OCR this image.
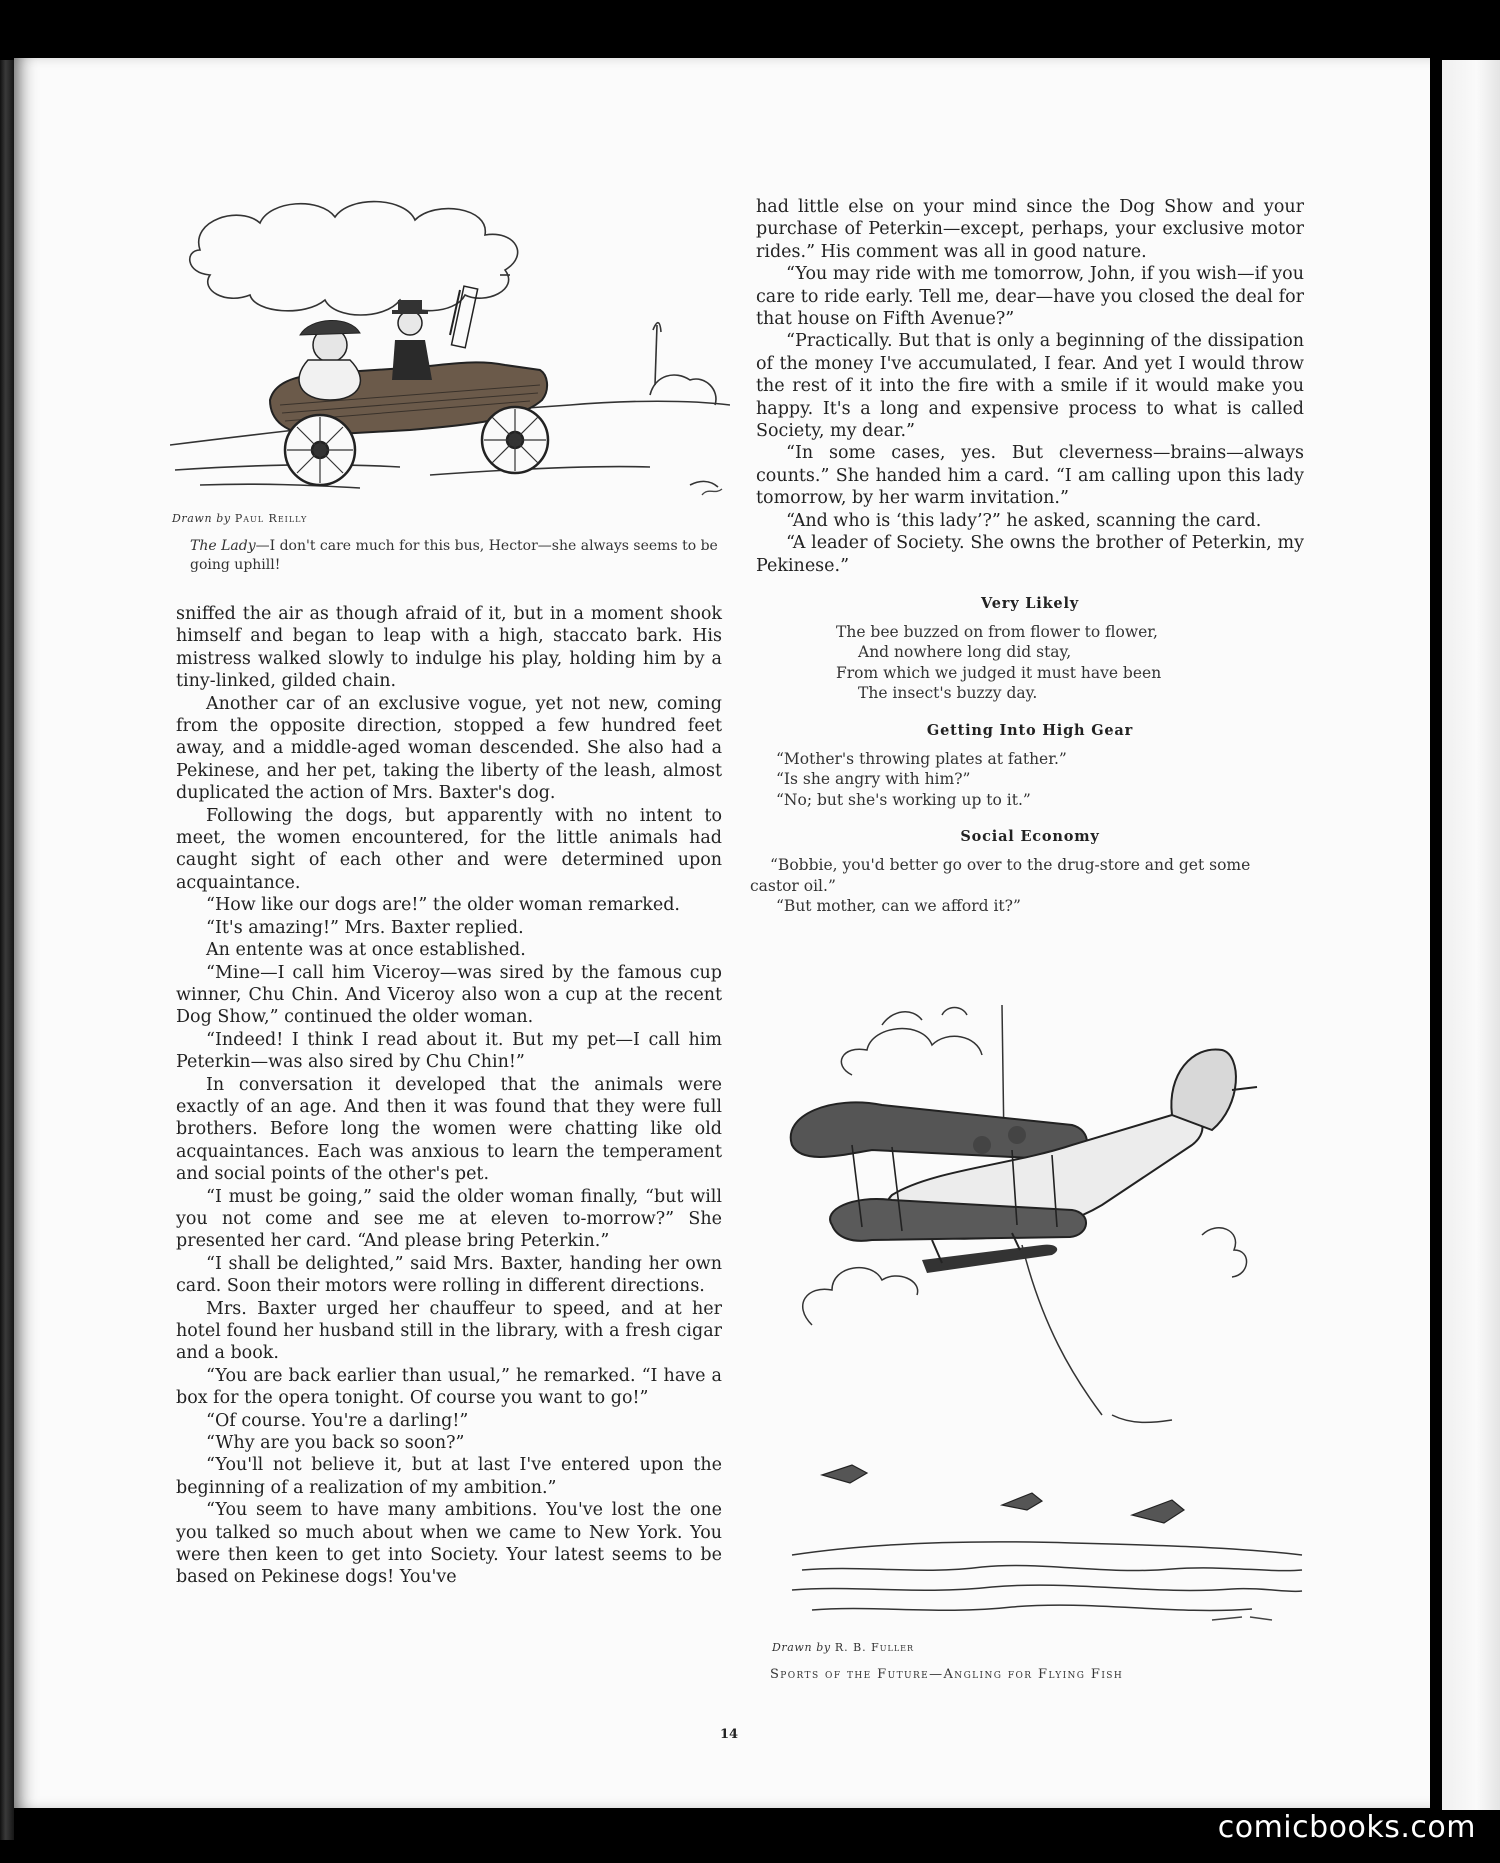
Drawn by Paul Reilly
The Lady—I don't care much for this bus, Hector—she always seems to be going uphill!

sniffed the air as though afraid of it, but in a moment shook himself and began to leap with a high, staccato bark. His mistress walked slowly to indulge his play, holding him by a tiny-linked, gilded chain.

Another car of an exclusive vogue, yet not new, coming from the opposite direction, stopped a few hundred feet away, and a middle-aged woman descended. She also had a Pekinese, and her pet, taking the liberty of the leash, almost duplicated the action of Mrs. Baxter's dog.

Following the dogs, but apparently with no intent to meet, the women encountered, for the little animals had caught sight of each other and were determined upon acquaintance.

“How like our dogs are!” the older woman remarked.

“It's amazing!” Mrs. Baxter replied.

An entente was at once established.

“Mine—I call him Viceroy—was sired by the famous cup winner, Chu Chin. And Viceroy also won a cup at the recent Dog Show,” continued the older woman.

“Indeed! I think I read about it. But my pet—I call him Peterkin—was also sired by Chu Chin!”

In conversation it developed that the animals were exactly of an age. And then it was found that they were full brothers. Before long the women were chatting like old acquaintances. Each was anxious to learn the temperament and social points of the other's pet.

“I must be going,” said the older woman finally, “but will you not come and see me at eleven to-morrow?” She presented her card. “And please bring Peterkin.”

“I shall be delighted,” said Mrs. Baxter, handing her own card. Soon their motors were rolling in different directions.

Mrs. Baxter urged her chauffeur to speed, and at her hotel found her husband still in the library, with a fresh cigar and a book.

“You are back earlier than usual,” he remarked. “I have a box for the opera tonight. Of course you want to go!”

“Of course. You're a darling!”

“Why are you back so soon?”

“You'll not believe it, but at last I've entered upon the beginning of a realization of my ambition.”

“You seem to have many ambitions. You've lost the one you talked so much about when we came to New York. You were then keen to get into Society. Your latest seems to be based on Pekinese dogs! You've

had little else on your mind since the Dog Show and your purchase of Peterkin—except, perhaps, your exclusive motor rides.” His comment was all in good nature.

“You may ride with me tomorrow, John, if you wish—if you care to ride early. Tell me, dear—have you closed the deal for that house on Fifth Avenue?”

“Practically. But that is only a beginning of the dissipation of the money I've accumulated, I fear. And yet I would throw the rest of it into the fire with a smile if it would make you happy. It's a long and expensive process to what is called Society, my dear.”

“In some cases, yes. But cleverness—brains—always counts.” She handed him a card. “I am calling upon this lady tomorrow, by her warm invitation.”

“And who is ‘this lady’?” he asked, scanning the card.

“A leader of Society. She owns the brother of Peterkin, my Pekinese.”

Very Likely
The bee buzzed on from flower to flower,
And nowhere long did stay,
From which we judged it must have been
The insect's buzzy day.
Getting Into High Gear
“Mother's throwing plates at father.”
“Is she angry with him?”
“No; but she's working up to it.”
Social Economy
“Bobbie, you'd better go over to the drug-store and get some castor oil.”
“But mother, can we afford it?”
Drawn by R. B. Fuller
Sports of the Future—Angling for Flying Fish
14
comicbooks.com
